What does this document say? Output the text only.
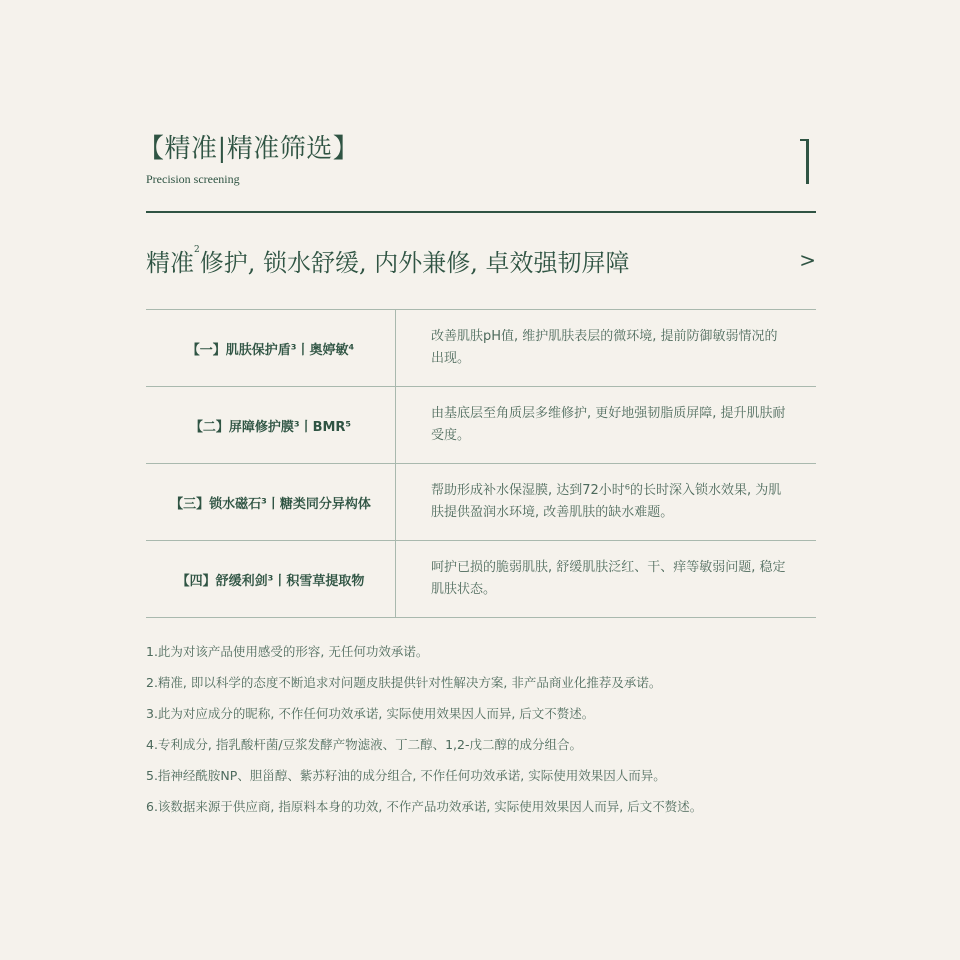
【精准|精准筛选】
Precision screening
精准$^2$修护, 锁水舒缓, 内外兼修, 卓效强韧屏障	>
【一】肌肤保护盾³丨奥婷敏⁴
改善肌肤pH值, 维护肌肤表层的微环境, 提前防御敏弱情况的出现。
【二】屏障修护膜³丨BMR⁵
由基底层至角质层多维修护, 更好地强韧脂质屏障, 提升肌肤耐受度。
【三】锁水磁石³丨糖类同分异构体
帮助形成补水保湿膜, 达到72小时⁶的长时深入锁水效果, 为肌肤提供盈润水环境, 改善肌肤的缺水难题。
【四】舒缓利剑³丨积雪草提取物
呵护已损的脆弱肌肤, 舒缓肌肤泛红、干、痒等敏弱问题, 稳定肌肤状态。
1.此为对该产品使用感受的形容, 无任何功效承诺。
2.精准, 即以科学的态度不断追求对问题皮肤提供针对性解决方案, 非产品商业化推荐及承诺。
3.此为对应成分的昵称, 不作任何功效承诺, 实际使用效果因人而异, 后文不赘述。
4.专利成分, 指乳酸杆菌/豆浆发酵产物滤液、丁二醇、1,2-戊二醇的成分组合。
5.指神经酰胺NP、胆甾醇、紫苏籽油的成分组合, 不作任何功效承诺, 实际使用效果因人而异。
6.该数据来源于供应商, 指原料本身的功效, 不作产品功效承诺, 实际使用效果因人而异, 后文不赘述。
